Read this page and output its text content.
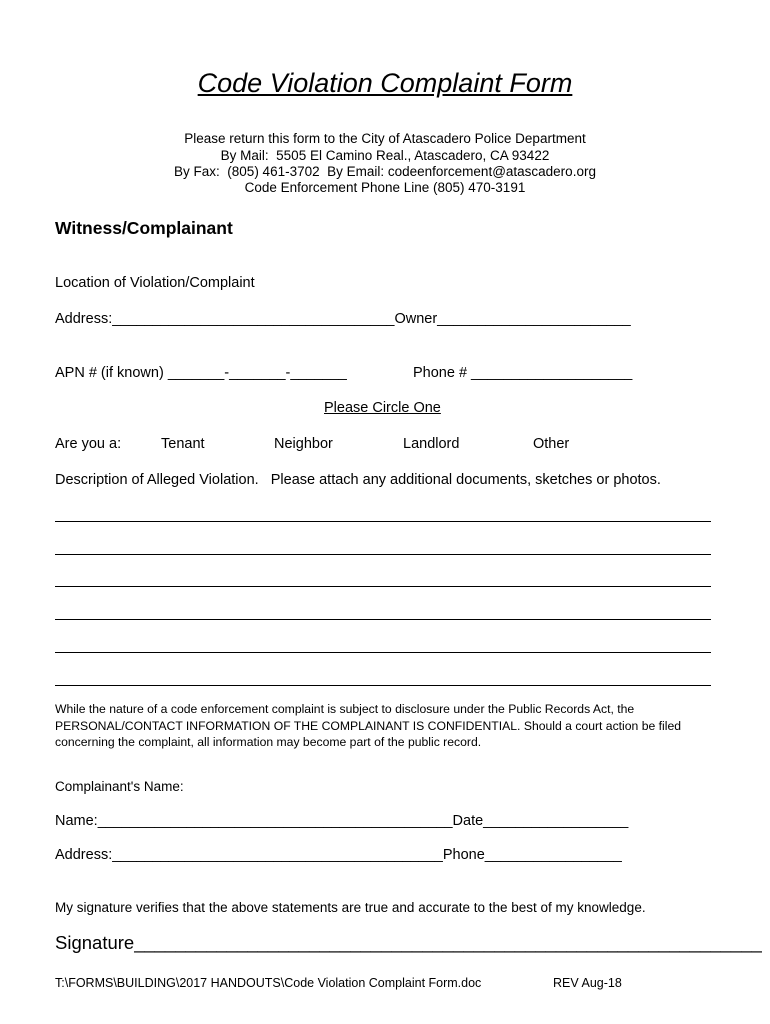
Code Violation Complaint Form
Please return this form to the City of Atascadero Police Department
By Mail:  5505 El Camino Real., Atascadero, CA 93422
By Fax:  (805) 461-3702  By Email: codeenforcement@atascadero.org
Code Enforcement Phone Line (805) 470-3191
Witness/Complainant
Location of Violation/Complaint
Address:___________________________________Owner________________________
APN # (if known) _______-_______-_______	Phone # ____________________
Please Circle One
Are you a:	Tenant	Neighbor	Landlord	Other
Description of Alleged Violation.   Please attach any additional documents, sketches or photos.
While the nature of a code enforcement complaint is subject to disclosure under the Public Records Act, the PERSONAL/CONTACT INFORMATION OF THE COMPLAINANT IS CONFIDENTIAL. Should a court action be filed concerning the complaint, all information may become part of the public record.
Complainant's Name:
Name:____________________________________________Date__________________
Address:_________________________________________Phone_________________
My signature verifies that the above statements are true and accurate to the best of my knowledge.
Signature_____________________________________________________________
T:\FORMS\BUILDING\2017 HANDOUTS\Code Violation Complaint Form.doc	REV Aug-18
